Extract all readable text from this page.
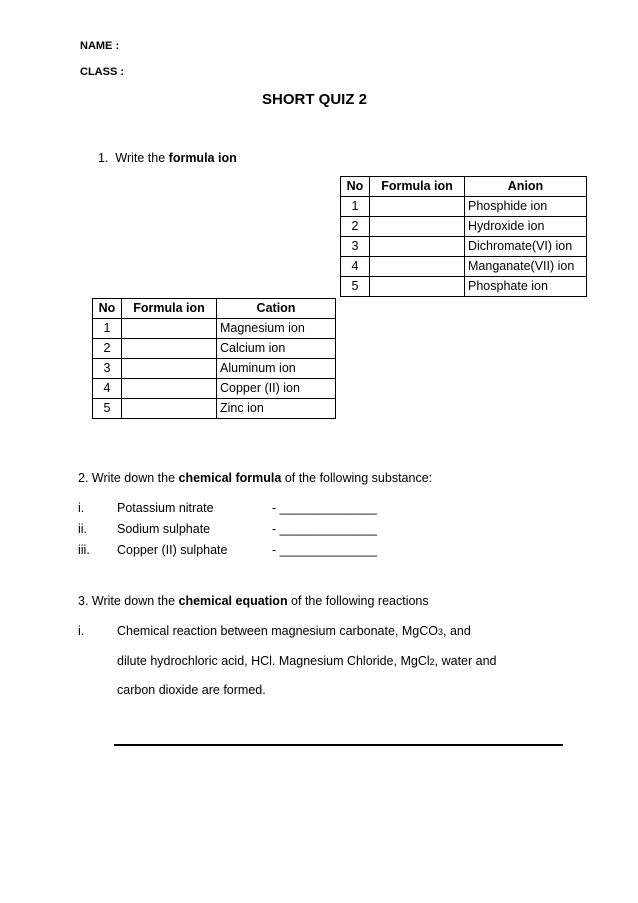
NAME :
CLASS :
SHORT QUIZ 2
1. Write the formula ion
No	Formula ion	Anion
1		Phosphide ion
2		Hydroxide ion
3		Dichromate(VI) ion
4		Manganate(VII) ion
5		Phosphate ion
No	Formula ion	Cation
1		Magnesium ion
2		Calcium ion
3		Aluminum ion
4		Copper (II) ion
5		Zinc ion
2. Write down the chemical formula of the following substance:
i.	Potassium nitrate	- ______________
ii. Sodium sulphate	- ______________
iii. Copper (II) sulphate	- ______________
3. Write down the chemical equation of the following reactions
i.	Chemical reaction between magnesium carbonate, MgCO3, and
dilute hydrochloric acid, HCl. Magnesium Chloride, MgCl2, water and
carbon dioxide are formed.
